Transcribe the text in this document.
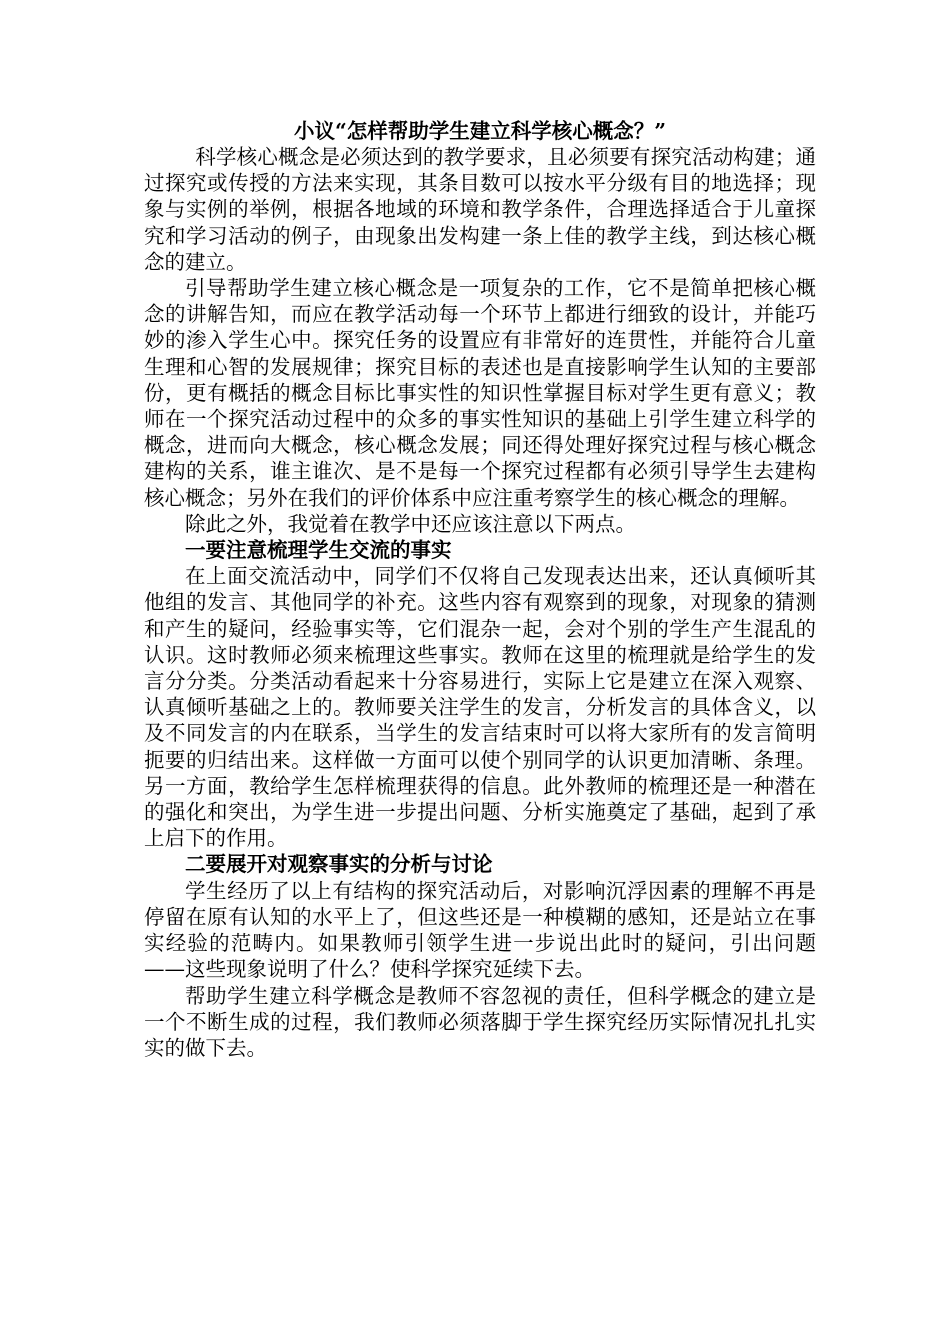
小议“怎样帮助学生建立科学核心概念？”

科学核心概念是必须达到的教学要求，且必须要有探究活动构建；通过探究或传授的方法来实现，其条目数可以按水平分级有目的地选择；现象与实例的举例，根据各地域的环境和教学条件，合理选择适合于儿童探究和学习活动的例子，由现象出发构建一条上佳的教学主线，到达核心概念的建立。

引导帮助学生建立核心概念是一项复杂的工作，它不是简单把核心概念的讲解告知，而应在教学活动每一个环节上都进行细致的设计，并能巧妙的渗入学生心中。探究任务的设置应有非常好的连贯性，并能符合儿童生理和心智的发展规律；探究目标的表述也是直接影响学生认知的主要部份，更有概括的概念目标比事实性的知识性掌握目标对学生更有意义；教师在一个探究活动过程中的众多的事实性知识的基础上引学生建立科学的概念，进而向大概念，核心概念发展；同还得处理好探究过程与核心概念建构的关系，谁主谁次、是不是每一个探究过程都有必须引导学生去建构核心概念；另外在我们的评价体系中应注重考察学生的核心概念的理解。

除此之外，我觉着在教学中还应该注意以下两点。

一要注意梳理学生交流的事实

在上面交流活动中，同学们不仅将自己发现表达出来，还认真倾听其他组的发言、其他同学的补充。这些内容有观察到的现象，对现象的猜测和产生的疑问，经验事实等，它们混杂一起，会对个别的学生产生混乱的认识。这时教师必须来梳理这些事实。教师在这里的梳理就是给学生的发言分分类。分类活动看起来十分容易进行，实际上它是建立在深入观察、认真倾听基础之上的。教师要关注学生的发言，分析发言的具体含义，以及不同发言的内在联系，当学生的发言结束时可以将大家所有的发言简明扼要的归结出来。这样做一方面可以使个别同学的认识更加清晰、条理。另一方面，教给学生怎样梳理获得的信息。此外教师的梳理还是一种潜在的强化和突出，为学生进一步提出问题、分析实施奠定了基础，起到了承上启下的作用。

二要展开对观察事实的分析与讨论

学生经历了以上有结构的探究活动后，对影响沉浮因素的理解不再是停留在原有认知的水平上了，但这些还是一种模糊的感知，还是站立在事实经验的范畴内。如果教师引领学生进一步说出此时的疑问，引出问题——这些现象说明了什么？使科学探究延续下去。

帮助学生建立科学概念是教师不容忽视的责任，但科学概念的建立是一个不断生成的过程，我们教师必须落脚于学生探究经历实际情况扎扎实实的做下去。
